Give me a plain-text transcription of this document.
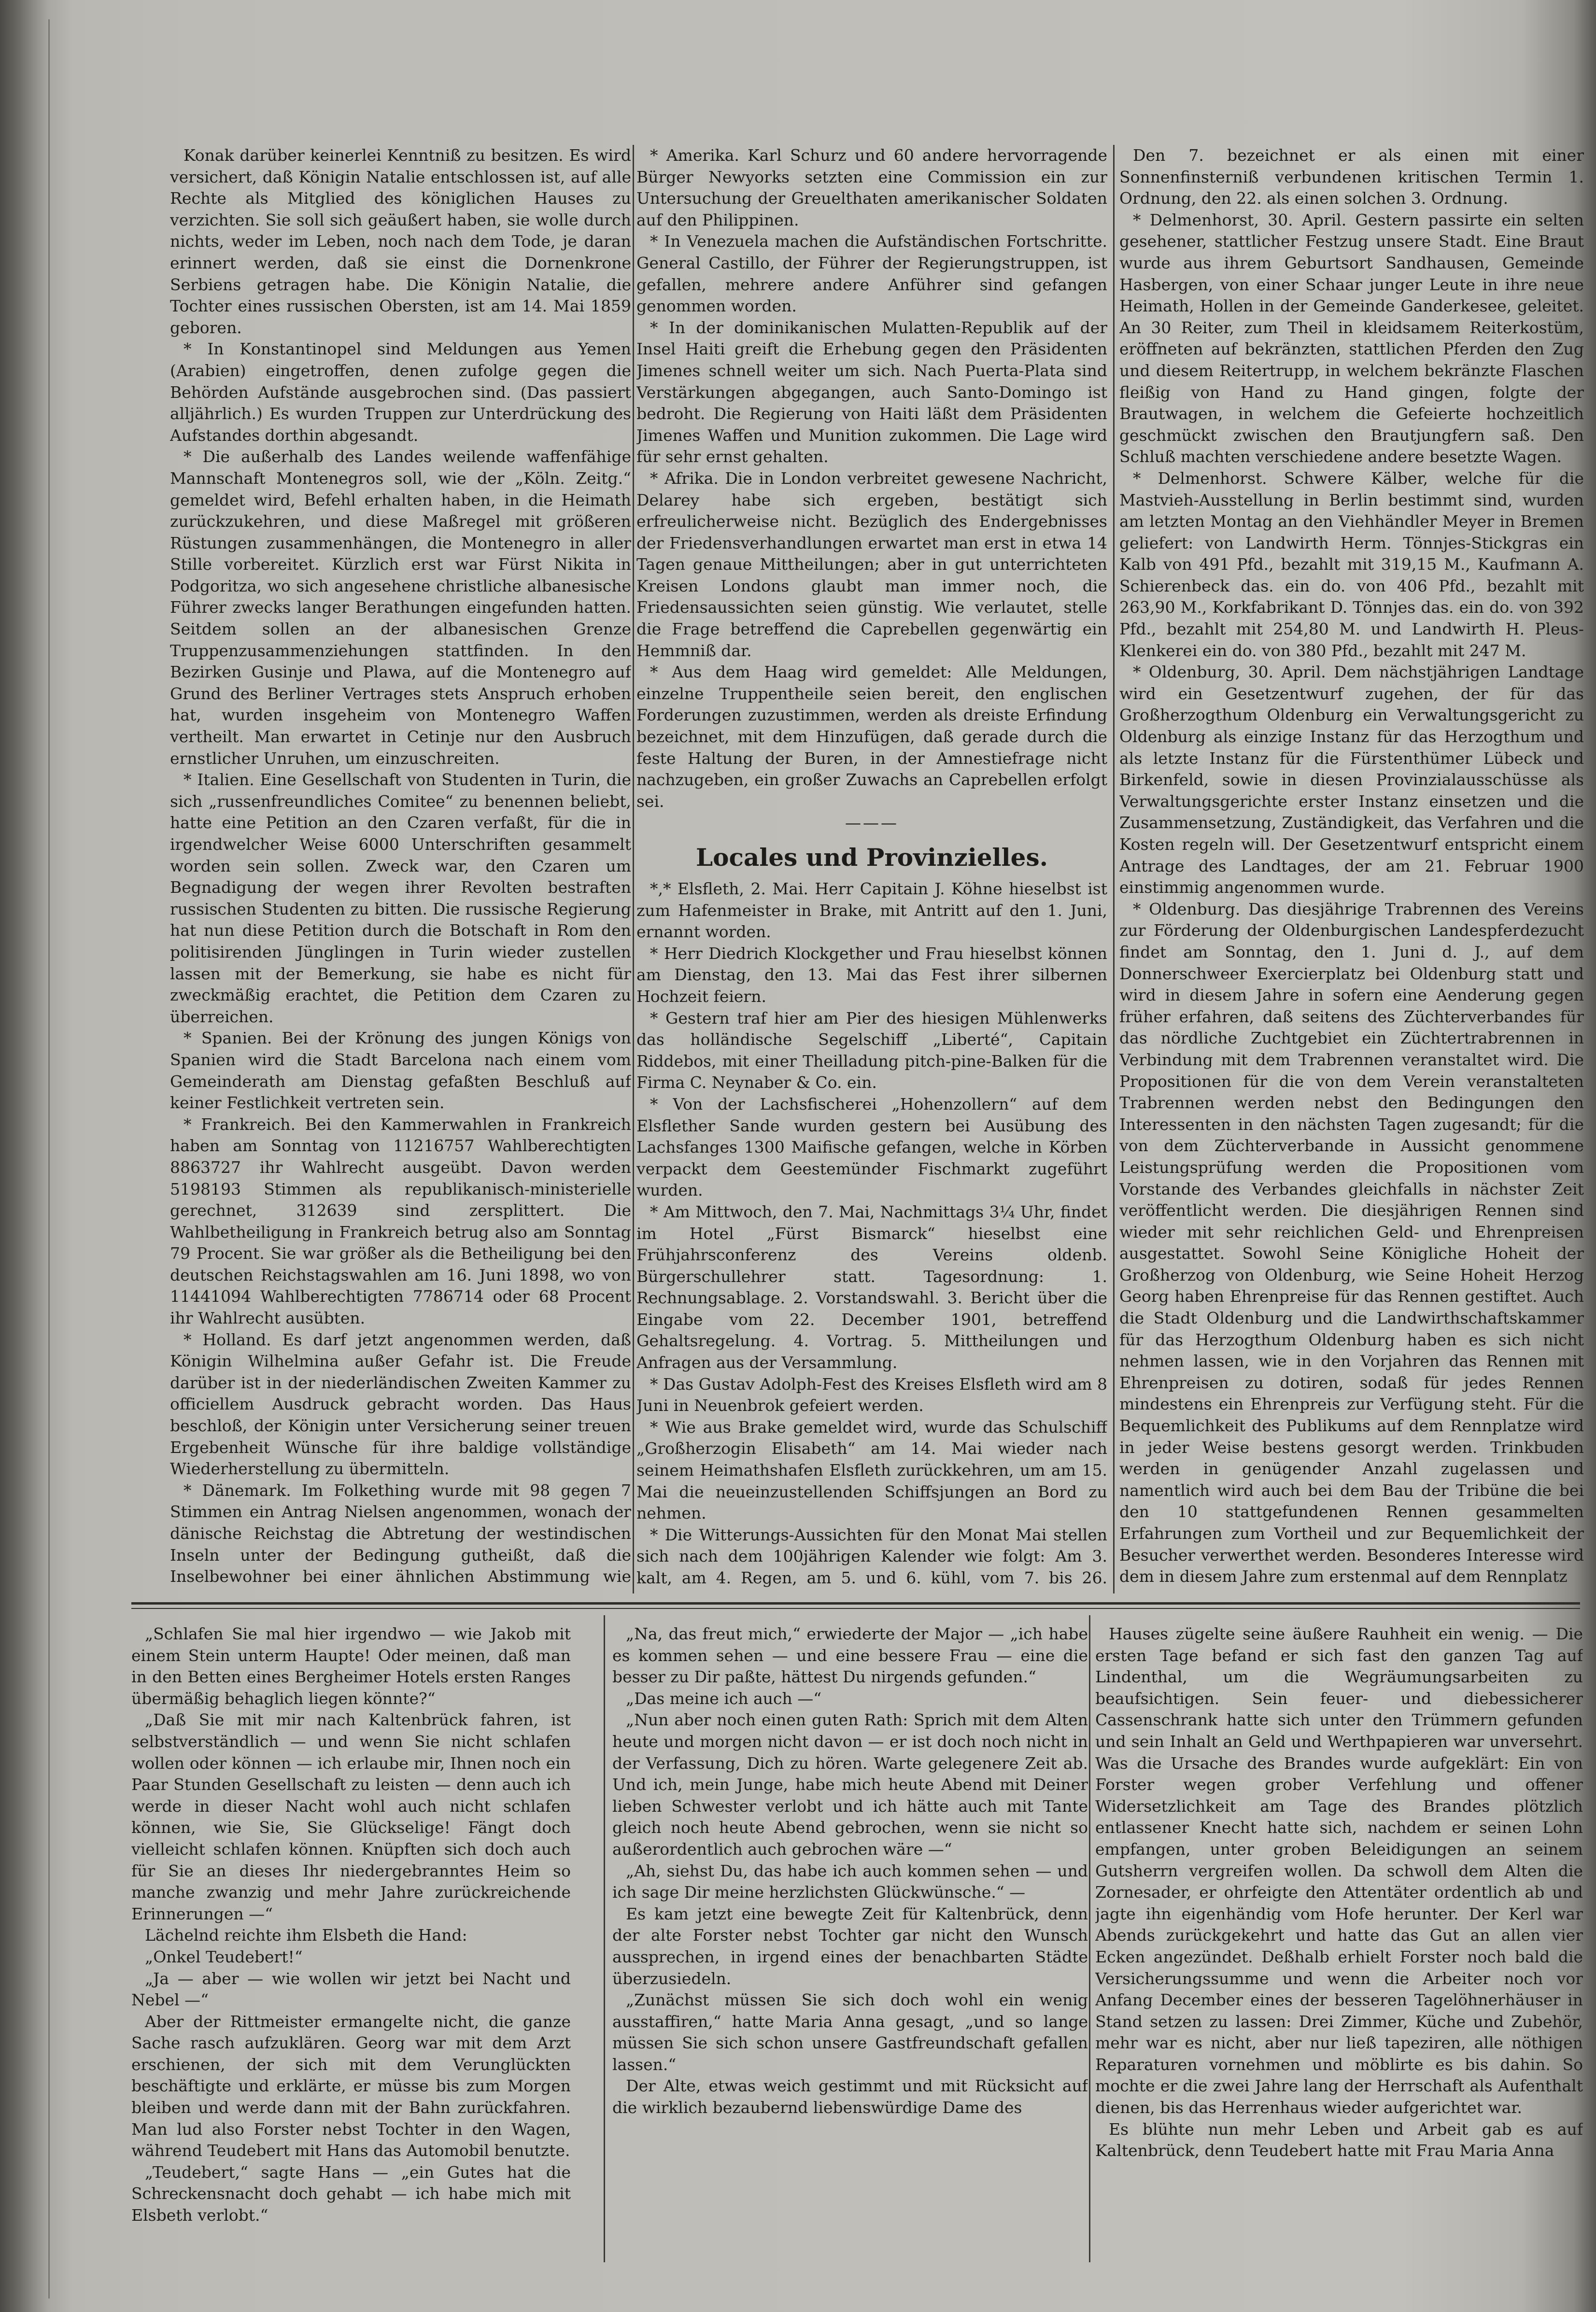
Konak darüber keinerlei Kenntniß zu besitzen. Es wird versichert, daß Königin Natalie entschlossen ist, auf alle Rechte als Mitglied des königlichen Hauses zu verzichten. Sie soll sich geäußert haben, sie wolle durch nichts, weder im Leben, noch nach dem Tode, je daran erinnert werden, daß sie einst die Dornenkrone Serbiens getragen habe. Die Königin Natalie, die Tochter eines russischen Obersten, ist am 14. Mai 1859 geboren.

* In Konstantinopel sind Meldungen aus Yemen (Arabien) eingetroffen, denen zufolge gegen die Behörden Aufstände ausgebrochen sind. (Das passiert alljährlich.) Es wurden Truppen zur Unterdrückung des Aufstandes dorthin abgesandt.

* Die außerhalb des Landes weilende waffenfähige Mannschaft Montenegros soll, wie der „Köln. Zeitg.“ gemeldet wird, Befehl erhalten haben, in die Heimath zurückzukehren, und diese Maßregel mit größeren Rüstungen zusammenhängen, die Montenegro in aller Stille vorbereitet. Kürzlich erst war Fürst Nikita in Podgoritza, wo sich angesehene christliche albanesische Führer zwecks langer Berathungen eingefunden hatten. Seitdem sollen an der albanesischen Grenze Truppenzusammenziehungen stattfinden. In den Bezirken Gusinje und Plawa, auf die Montenegro auf Grund des Berliner Vertrages stets Anspruch erhoben hat, wurden insgeheim von Montenegro Waffen vertheilt. Man erwartet in Cetinje nur den Ausbruch ernstlicher Unruhen, um einzuschreiten.

* Italien. Eine Gesellschaft von Studenten in Turin, die sich „russenfreundliches Comitee“ zu benennen beliebt, hatte eine Petition an den Czaren verfaßt, für die in irgendwelcher Weise 6000 Unterschriften gesammelt worden sein sollen. Zweck war, den Czaren um Begnadigung der wegen ihrer Revolten bestraften russischen Studenten zu bitten. Die russische Regierung hat nun diese Petition durch die Botschaft in Rom den politisirenden Jünglingen in Turin wieder zustellen lassen mit der Bemerkung, sie habe es nicht für zweckmäßig erachtet, die Petition dem Czaren zu überreichen.

* Spanien. Bei der Krönung des jungen Königs von Spanien wird die Stadt Barcelona nach einem vom Gemeinderath am Dienstag gefaßten Beschluß auf keiner Festlichkeit vertreten sein.

* Frankreich. Bei den Kammerwahlen in Frankreich haben am Sonntag von 11216757 Wahlberechtigten 8863727 ihr Wahlrecht ausgeübt. Davon werden 5198193 Stimmen als republikanisch-ministerielle gerechnet, 312639 sind zersplittert. Die Wahlbetheiligung in Frankreich betrug also am Sonntag 79 Procent. Sie war größer als die Betheiligung bei den deutschen Reichstagswahlen am 16. Juni 1898, wo von 11441094 Wahlberechtigten 7786714 oder 68 Procent ihr Wahlrecht ausübten.

* Holland. Es darf jetzt angenommen werden, daß Königin Wilhelmina außer Gefahr ist. Die Freude darüber ist in der niederländischen Zweiten Kammer zu officiellem Ausdruck gebracht worden. Das Haus beschloß, der Königin unter Versicherung seiner treuen Ergebenheit Wünsche für ihre baldige vollständige Wiederherstellung zu übermitteln.

* Dänemark. Im Folkething wurde mit 98 gegen 7 Stimmen ein Antrag Nielsen angenommen, wonach der dänische Reichstag die Abtretung der westindischen Inseln unter der Bedingung gutheißt, daß die Inselbewohner bei einer ähnlichen Abstimmung wie

* Amerika. Karl Schurz und 60 andere hervorragende Bürger Newyorks setzten eine Commission ein zur Untersuchung der Greuelthaten amerikanischer Soldaten auf den Philippinen.

* In Venezuela machen die Aufständischen Fortschritte. General Castillo, der Führer der Regierungstruppen, ist gefallen, mehrere andere Anführer sind gefangen genommen worden.

* In der dominikanischen Mulatten-Republik auf der Insel Haiti greift die Erhebung gegen den Präsidenten Jimenes schnell weiter um sich. Nach Puerta-Plata sind Verstärkungen abgegangen, auch Santo-Domingo ist bedroht. Die Regierung von Haiti läßt dem Präsidenten Jimenes Waffen und Munition zukommen. Die Lage wird für sehr ernst gehalten.

* Afrika. Die in London verbreitet gewesene Nachricht, Delarey habe sich ergeben, bestätigt sich erfreulicherweise nicht. Bezüglich des Endergebnisses der Friedensverhandlungen erwartet man erst in etwa 14 Tagen genaue Mittheilungen; aber in gut unterrichteten Kreisen Londons glaubt man immer noch, die Friedensaussichten seien günstig. Wie verlautet, stelle die Frage betreffend die Caprebellen gegenwärtig ein Hemmniß dar.

* Aus dem Haag wird gemeldet: Alle Meldungen, einzelne Truppentheile seien bereit, den englischen Forderungen zuzustimmen, werden als dreiste Erfindung bezeichnet, mit dem Hinzufügen, daß gerade durch die feste Haltung der Buren, in der Amnestiefrage nicht nachzugeben, ein großer Zuwachs an Caprebellen erfolgt sei.

———

Locales und Provinzielles.

*,* Elsfleth, 2. Mai. Herr Capitain J. Köhne hieselbst ist zum Hafenmeister in Brake, mit Antritt auf den 1. Juni, ernannt worden.

* Herr Diedrich Klockgether und Frau hieselbst können am Dienstag, den 13. Mai das Fest ihrer silbernen Hochzeit feiern.

* Gestern traf hier am Pier des hiesigen Mühlenwerks das holländische Segelschiff „Liberté“, Capitain Riddebos, mit einer Theilladung pitch-pine-Balken für die Firma C. Neynaber & Co. ein.

* Von der Lachsfischerei „Hohenzollern“ auf dem Elsflether Sande wurden gestern bei Ausübung des Lachsfanges 1300 Maifische gefangen, welche in Körben verpackt dem Geestemünder Fischmarkt zugeführt wurden.

* Am Mittwoch, den 7. Mai, Nachmittags 3¼ Uhr, findet im Hotel „Fürst Bismarck“ hieselbst eine Frühjahrsconferenz des Vereins oldenb. Bürgerschullehrer statt. Tagesordnung: 1. Rechnungsablage. 2. Vorstandswahl. 3. Bericht über die Eingabe vom 22. December 1901, betreffend Gehaltsregelung. 4. Vortrag. 5. Mittheilungen und Anfragen aus der Versammlung.

* Das Gustav Adolph-Fest des Kreises Elsfleth wird am 8 Juni in Neuenbrok gefeiert werden.

* Wie aus Brake gemeldet wird, wurde das Schulschiff „Großherzogin Elisabeth“ am 14. Mai wieder nach seinem Heimathshafen Elsfleth zurückkehren, um am 15. Mai die neueinzustellenden Schiffsjungen an Bord zu nehmen.

* Die Witterungs-Aussichten für den Monat Mai stellen sich nach dem 100jährigen Kalender wie folgt: Am 3. kalt, am 4. Regen, am 5. und 6. kühl, vom 7. bis 26.

Den 7. bezeichnet er als einen mit einer Sonnenfinsterniß verbundenen kritischen Termin 1. Ordnung, den 22. als einen solchen 3. Ordnung.

* Delmenhorst, 30. April. Gestern passirte ein selten gesehener, stattlicher Festzug unsere Stadt. Eine Braut wurde aus ihrem Geburtsort Sandhausen, Gemeinde Hasbergen, von einer Schaar junger Leute in ihre neue Heimath, Hollen in der Gemeinde Ganderkesee, geleitet. An 30 Reiter, zum Theil in kleidsamem Reiterkostüm, eröffneten auf bekränzten, stattlichen Pferden den Zug und diesem Reitertrupp, in welchem bekränzte Flaschen fleißig von Hand zu Hand gingen, folgte der Brautwagen, in welchem die Gefeierte hochzeitlich geschmückt zwischen den Brautjungfern saß. Den Schluß machten verschiedene andere besetzte Wagen.

* Delmenhorst. Schwere Kälber, welche für die Mastvieh-Ausstellung in Berlin bestimmt sind, wurden am letzten Montag an den Viehhändler Meyer in Bremen geliefert: von Landwirth Herm. Tönnjes-Stickgras ein Kalb von 491 Pfd., bezahlt mit 319,15 M., Kaufmann A. Schierenbeck das. ein do. von 406 Pfd., bezahlt mit 263,90 M., Korkfabrikant D. Tönnjes das. ein do. von 392 Pfd., bezahlt mit 254,80 M. und Landwirth H. Pleus-Klenkerei ein do. von 380 Pfd., bezahlt mit 247 M.

* Oldenburg, 30. April. Dem nächstjährigen Landtage wird ein Gesetzentwurf zugehen, der für das Großherzogthum Oldenburg ein Verwaltungsgericht zu Oldenburg als einzige Instanz für das Herzogthum und als letzte Instanz für die Fürstenthümer Lübeck und Birkenfeld, sowie in diesen Provinzialausschüsse als Verwaltungsgerichte erster Instanz einsetzen und die Zusammensetzung, Zuständigkeit, das Verfahren und die Kosten regeln will. Der Gesetzentwurf entspricht einem Antrage des Landtages, der am 21. Februar 1900 einstimmig angenommen wurde.

* Oldenburg. Das diesjährige Trabrennen des Vereins zur Förderung der Oldenburgischen Landespferdezucht findet am Sonntag, den 1. Juni d. J., auf dem Donnerschweer Exercierplatz bei Oldenburg statt und wird in diesem Jahre in sofern eine Aenderung gegen früher erfahren, daß seitens des Züchterverbandes für das nördliche Zuchtgebiet ein Züchtertrabrennen in Verbindung mit dem Trabrennen veranstaltet wird. Die Propositionen für die von dem Verein veranstalteten Trabrennen werden nebst den Bedingungen den Interessenten in den nächsten Tagen zugesandt; für die von dem Züchterverbande in Aussicht genommene Leistungsprüfung werden die Propositionen vom Vorstande des Verbandes gleichfalls in nächster Zeit veröffentlicht werden. Die diesjährigen Rennen sind wieder mit sehr reichlichen Geld- und Ehrenpreisen ausgestattet. Sowohl Seine Königliche Hoheit der Großherzog von Oldenburg, wie Seine Hoheit Herzog Georg haben Ehrenpreise für das Rennen gestiftet. Auch die Stadt Oldenburg und die Landwirthschaftskammer für das Herzogthum Oldenburg haben es sich nicht nehmen lassen, wie in den Vorjahren das Rennen mit Ehrenpreisen zu dotiren, sodaß für jedes Rennen mindestens ein Ehrenpreis zur Verfügung steht. Für die Bequemlichkeit des Publikums auf dem Rennplatze wird in jeder Weise bestens gesorgt werden. Trinkbuden werden in genügender Anzahl zugelassen und namentlich wird auch bei dem Bau der Tribüne die bei den 10 stattgefundenen Rennen gesammelten Erfahrungen zum Vortheil und zur Bequemlichkeit der Besucher verwerthet werden. Besonderes Interesse wird dem in diesem Jahre zum erstenmal auf dem Rennplatz

„Schlafen Sie mal hier irgendwo — wie Jakob mit einem Stein unterm Haupte! Oder meinen, daß man in den Betten eines Bergheimer Hotels ersten Ranges übermäßig behaglich liegen könnte?“

„Daß Sie mit mir nach Kaltenbrück fahren, ist selbstverständlich — und wenn Sie nicht schlafen wollen oder können — ich erlaube mir, Ihnen noch ein Paar Stunden Gesellschaft zu leisten — denn auch ich werde in dieser Nacht wohl auch nicht schlafen können, wie Sie, Sie Glückselige! Fängt doch vielleicht schlafen können. Knüpften sich doch auch für Sie an dieses Ihr niedergebranntes Heim so manche zwanzig und mehr Jahre zurückreichende Erinnerungen —“

Lächelnd reichte ihm Elsbeth die Hand:

„Onkel Teudebert!“

„Ja — aber — wie wollen wir jetzt bei Nacht und Nebel —“

Aber der Rittmeister ermangelte nicht, die ganze Sache rasch aufzuklären. Georg war mit dem Arzt erschienen, der sich mit dem Verunglückten beschäftigte und erklärte, er müsse bis zum Morgen bleiben und werde dann mit der Bahn zurückfahren. Man lud also Forster nebst Tochter in den Wagen, während Teudebert mit Hans das Automobil benutzte.

„Teudebert,“ sagte Hans — „ein Gutes hat die Schreckensnacht doch gehabt — ich habe mich mit Elsbeth verlobt.“

„Na, das freut mich,“ erwiederte der Major — „ich habe es kommen sehen — und eine bessere Frau — eine die besser zu Dir paßte, hättest Du nirgends gefunden.“

„Das meine ich auch —“

„Nun aber noch einen guten Rath: Sprich mit dem Alten heute und morgen nicht davon — er ist doch noch nicht in der Verfassung, Dich zu hören. Warte gelegenere Zeit ab. Und ich, mein Junge, habe mich heute Abend mit Deiner lieben Schwester verlobt und ich hätte auch mit Tante gleich noch heute Abend gebrochen, wenn sie nicht so außerordentlich auch gebrochen wäre —“

„Ah, siehst Du, das habe ich auch kommen sehen — und ich sage Dir meine herzlichsten Glückwünsche.“ —

Es kam jetzt eine bewegte Zeit für Kaltenbrück, denn der alte Forster nebst Tochter gar nicht den Wunsch aussprechen, in irgend eines der benachbarten Städte überzusiedeln.

„Zunächst müssen Sie sich doch wohl ein wenig ausstaffiren,“ hatte Maria Anna gesagt, „und so lange müssen Sie sich schon unsere Gastfreundschaft gefallen lassen.“

Der Alte, etwas weich gestimmt und mit Rücksicht auf die wirklich bezaubernd liebenswürdige Dame des

Hauses zügelte seine äußere Rauhheit ein wenig. — Die ersten Tage befand er sich fast den ganzen Tag auf Lindenthal, um die Wegräumungsarbeiten zu beaufsichtigen. Sein feuer- und diebessicherer Cassenschrank hatte sich unter den Trümmern gefunden und sein Inhalt an Geld und Werthpapieren war unversehrt. Was die Ursache des Brandes wurde aufgeklärt: Ein von Forster wegen grober Verfehlung und offener Widersetzlichkeit am Tage des Brandes plötzlich entlassener Knecht hatte sich, nachdem er seinen Lohn empfangen, unter groben Beleidigungen an seinem Gutsherrn vergreifen wollen. Da schwoll dem Alten die Zornesader, er ohrfeigte den Attentäter ordentlich ab und jagte ihn eigenhändig vom Hofe herunter. Der Kerl war Abends zurückgekehrt und hatte das Gut an allen vier Ecken angezündet. Deßhalb erhielt Forster noch bald die Versicherungssumme und wenn die Arbeiter noch vor Anfang December eines der besseren Tagelöhnerhäuser in Stand setzen zu lassen: Drei Zimmer, Küche und Zubehör, mehr war es nicht, aber nur ließ tapeziren, alle nöthigen Reparaturen vornehmen und möblirte es bis dahin. So mochte er die zwei Jahre lang der Herrschaft als Aufenthalt dienen, bis das Herrenhaus wieder aufgerichtet war.

Es blühte nun mehr Leben und Arbeit gab es auf Kaltenbrück, denn Teudebert hatte mit Frau Maria Anna
